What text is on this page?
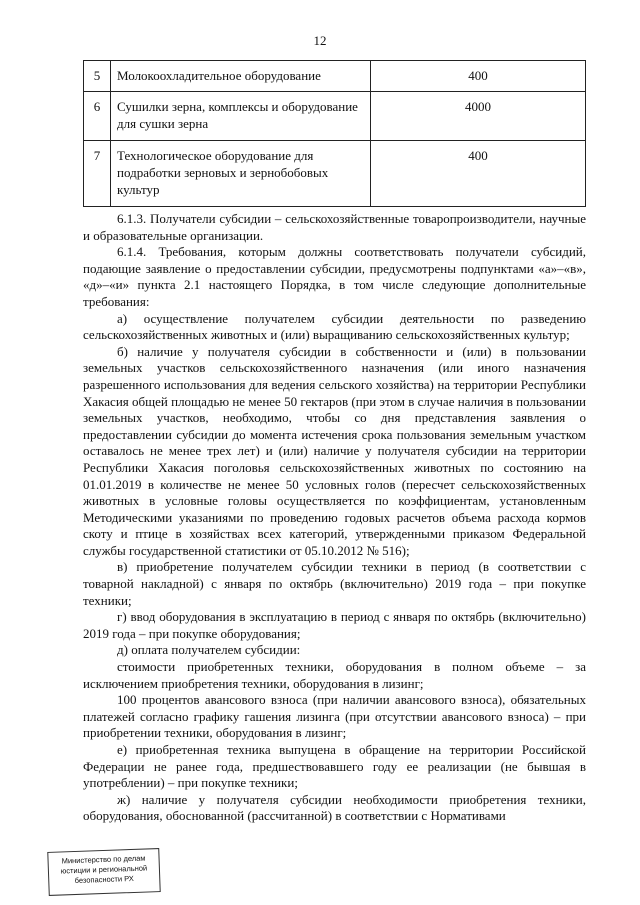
12
5	Молокоохладительное оборудование	400
6	Сушилки зерна, комплексы и оборудование для сушки зерна	4000
7	Технологическое оборудование для подработки зерновых и зернобобовых культур	400

6.1.3. Получатели субсидии – сельскохозяйственные товаропроизводители, научные и образовательные организации.

6.1.4. Требования, которым должны соответствовать получатели субсидий, подающие заявление о предоставлении субсидии, предусмотрены подпунктами «а»–«в», «д»–«и» пункта 2.1 настоящего Порядка, в том числе следующие дополнительные требования:

а) осуществление получателем субсидии деятельности по разведению сельскохозяйственных животных и (или) выращиванию сельскохозяйственных культур;

б) наличие у получателя субсидии в собственности и (или) в пользовании земельных участков сельскохозяйственного назначения (или иного назначения разрешенного использования для ведения сельского хозяйства) на территории Республики Хакасия общей площадью не менее 50 гектаров (при этом в случае наличия в пользовании земельных участков, необходимо, чтобы со дня представления заявления о предоставлении субсидии до момента истечения срока пользования земельным участком оставалось не менее трех лет) и (или) наличие у получателя субсидии на территории Республики Хакасия поголовья сельскохозяйственных животных по состоянию на 01.01.2019 в количестве не менее 50 условных голов (пересчет сельскохозяйственных животных в условные головы осуществляется по коэффициентам, установленным Методическими указаниями по проведению годовых расчетов объема расхода кормов скоту и птице в хозяйствах всех категорий, утвержденными приказом Федеральной службы государственной статистики от 05.10.2012 № 516);

в) приобретение получателем субсидии техники в период (в соответствии с товарной накладной) с января по октябрь (включительно) 2019 года – при покупке техники;

г) ввод оборудования в эксплуатацию в период с января по октябрь (включительно) 2019 года – при покупке оборудования;

д) оплата получателем субсидии:

стоимости приобретенных техники, оборудования в полном объеме – за исключением приобретения техники, оборудования в лизинг;

100 процентов авансового взноса (при наличии авансового взноса), обязательных платежей согласно графику гашения лизинга (при отсутствии авансового взноса) – при приобретении техники, оборудования в лизинг;

е) приобретенная техника выпущена в обращение на территории Российской Федерации не ранее года, предшествовавшего году ее реализации (не бывшая в употреблении) – при покупке техники;

ж) наличие у получателя субсидии необходимости приобретения техники, оборудования, обоснованной (рассчитанной) в соответствии с Нормативами

Министерство по делам
юстиции и региональной
безопасности РХ
